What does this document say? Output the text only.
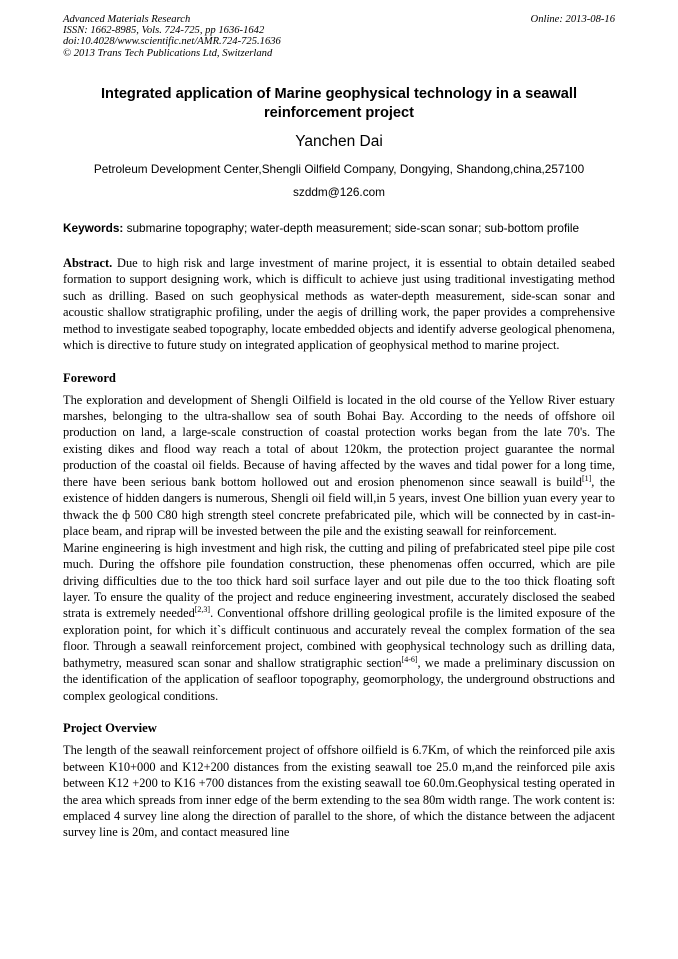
Advanced Materials Research
ISSN: 1662-8985, Vols. 724-725, pp 1636-1642
doi:10.4028/www.scientific.net/AMR.724-725.1636
© 2013 Trans Tech Publications Ltd, Switzerland
Online: 2013-08-16
Integrated application of Marine geophysical technology in a seawall reinforcement project
Yanchen Dai
Petroleum Development Center,Shengli Oilfield Company, Dongying, Shandong,china,257100
szddm@126.com
Keywords: submarine topography; water-depth measurement; side-scan sonar; sub-bottom profile

Abstract. Due to high risk and large investment of marine project, it is essential to obtain detailed seabed formation to support designing work, which is difficult to achieve just using traditional investigating method such as drilling. Based on such geophysical methods as water-depth measurement, side-scan sonar and acoustic shallow stratigraphic profiling, under the aegis of drilling work, the paper provides a comprehensive method to investigate seabed topography, locate embedded objects and identify adverse geological phenomena, which is directive to future study on integrated application of geophysical method to marine project.

Foreword

The exploration and development of Shengli Oilfield is located in the old course of the Yellow River estuary marshes, belonging to the ultra-shallow sea of south Bohai Bay. According to the needs of offshore oil production on land, a large-scale construction of coastal protection works began from the late 70's. The existing dikes and flood way reach a total of about 120km, the protection project guarantee the normal production of the coastal oil fields. Because of having affected by the waves and tidal power for a long time, there have been serious bank bottom hollowed out and erosion phenomenon since seawall is build[1], the existence of hidden dangers is numerous, Shengli oil field will,in 5 years, invest One billion yuan every year to thwack the ф 500 C80 high strength steel concrete prefabricated pile, which will be connected by in cast-in-place beam, and riprap will be invested between the pile and the existing seawall for reinforcement.

Marine engineering is high investment and high risk, the cutting and piling of prefabricated steel pipe pile cost much. During the offshore pile foundation construction, these phenomenas offen occurred, which are pile driving difficulties due to the too thick hard soil surface layer and out pile due to the too thick floating soft layer. To ensure the quality of the project and reduce engineering investment, accurately disclosed the seabed strata is extremely needed[2,3]. Conventional offshore drilling geological profile is the limited exposure of the exploration point, for which it`s difficult continuous and accurately reveal the complex formation of the sea floor. Through a seawall reinforcement project, combined with geophysical technology such as drilling data, bathymetry, measured scan sonar and shallow stratigraphic section[4-6], we made a preliminary discussion on the identification of the application of seafloor topography, geomorphology, the underground obstructions and complex geological conditions.

Project Overview

The length of the seawall reinforcement project of offshore oilfield is 6.7Km, of which the reinforced pile axis between K10+000 and K12+200 distances from the existing seawall toe 25.0 m,and the reinforced pile axis between K12 +200 to K16 +700 distances from the existing seawall toe 60.0m.Geophysical testing operated in the area which spreads from inner edge of the berm extending to the sea 80m width range. The work content is: emplaced 4 survey line along the direction of parallel to the shore, of which the distance between the adjacent survey line is 20m, and contact measured line
